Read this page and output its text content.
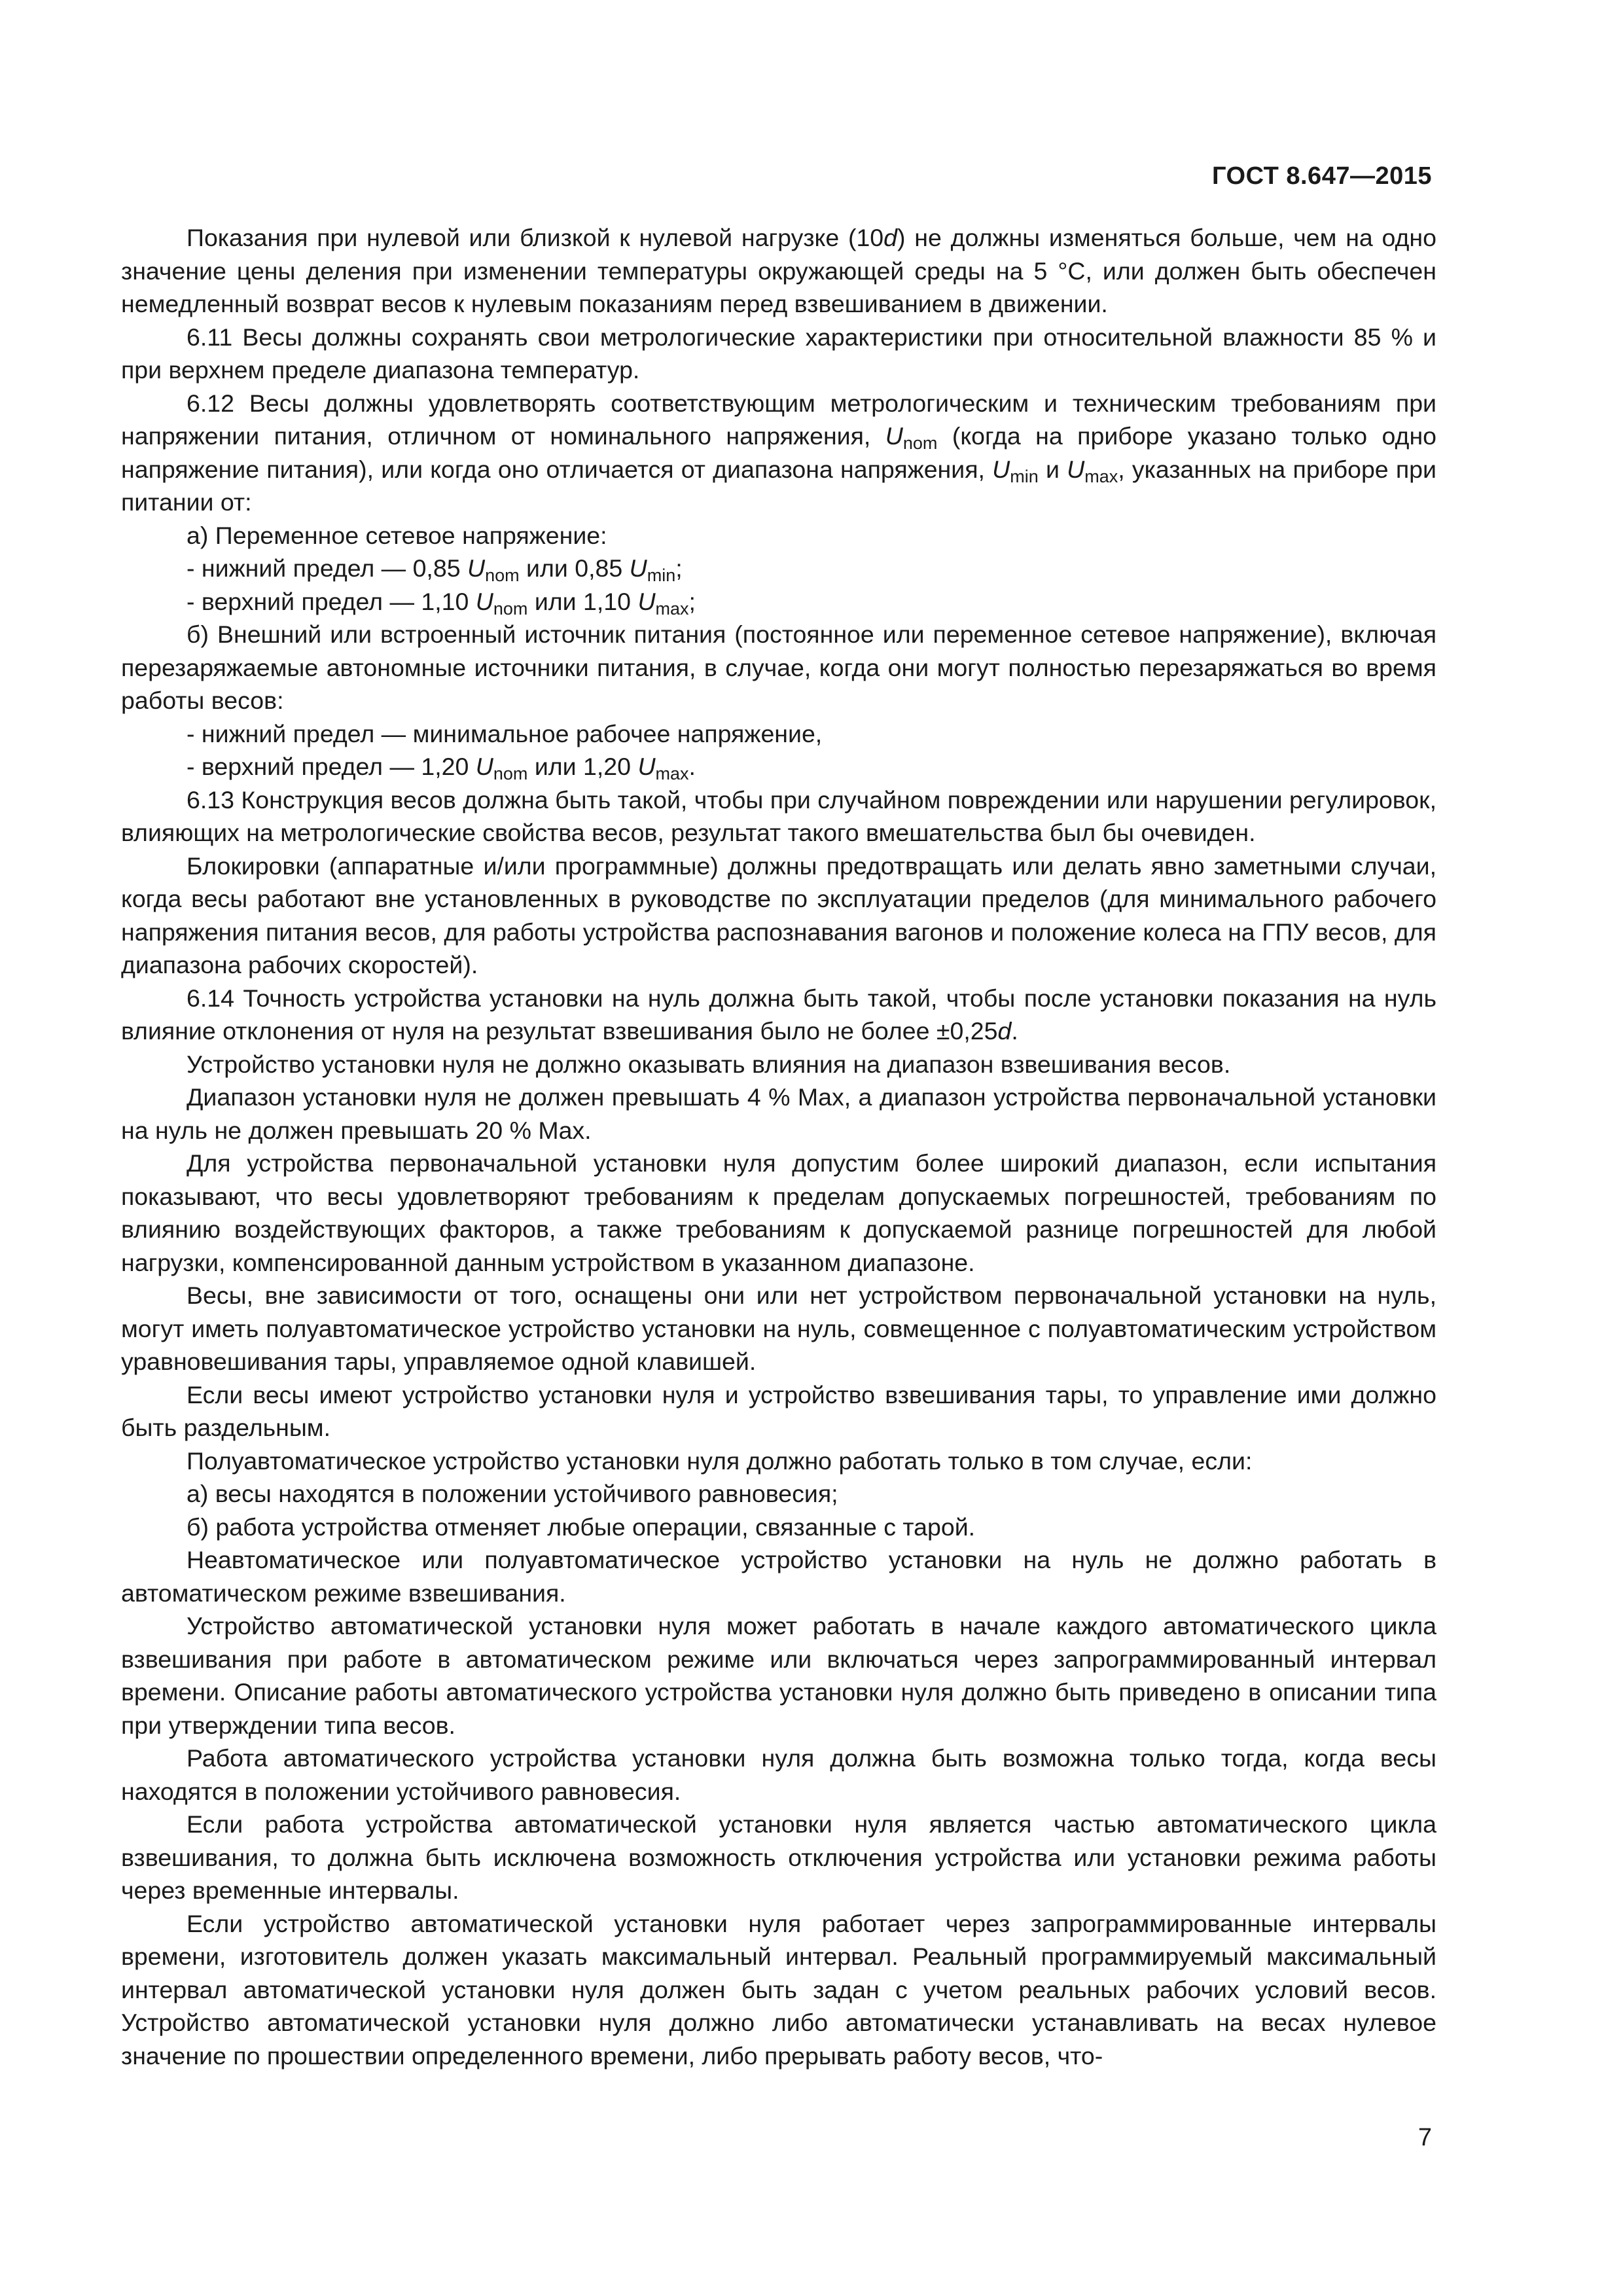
ГОСТ 8.647—2015

Показания при нулевой или близкой к нулевой нагрузке (10d) не должны изменяться больше, чем на одно значение цены деления при изменении температуры окружающей среды на 5 °С, или должен быть обеспечен немедленный возврат весов к нулевым показаниям перед взвешиванием в движении.

6.11 Весы должны сохранять свои метрологические характеристики при относительной влажности 85 % и при верхнем пределе диапазона температур.

6.12 Весы должны удовлетворять соответствующим метрологическим и техническим требованиям при напряжении питания, отличном от номинального напряжения, $U_{nom}$ (когда на приборе указано только одно напряжение питания), или когда оно отличается от диапазона напряжения, $U_{min}$ и $U_{max}$, указанных на приборе при питании от:

а) Переменное сетевое напряжение:

- нижний предел — 0,85 $U_{nom}$ или 0,85 $U_{min}$;

- верхний предел — 1,10 $U_{nom}$ или 1,10 $U_{max}$;

б) Внешний или встроенный источник питания (постоянное или переменное сетевое напряжение), включая перезаряжаемые автономные источники питания, в случае, когда они могут полностью перезаряжаться во время работы весов:

- нижний предел — минимальное рабочее напряжение,

- верхний предел — 1,20 $U_{nom}$ или 1,20 $U_{max}$.

6.13 Конструкция весов должна быть такой, чтобы при случайном повреждении или нарушении регулировок, влияющих на метрологические свойства весов, результат такого вмешательства был бы очевиден.

Блокировки (аппаратные и/или программные) должны предотвращать или делать явно заметными случаи, когда весы работают вне установленных в руководстве по эксплуатации пределов (для минимального рабочего напряжения питания весов, для работы устройства распознавания вагонов и положение колеса на ГПУ весов, для диапазона рабочих скоростей).

6.14 Точность устройства установки на нуль должна быть такой, чтобы после установки показания на нуль влияние отклонения от нуля на результат взвешивания было не более ±0,25d.

Устройство установки нуля не должно оказывать влияния на диапазон взвешивания весов.

Диапазон установки нуля не должен превышать 4 % Max, а диапазон устройства первоначальной установки на нуль не должен превышать 20 % Max.

Для устройства первоначальной установки нуля допустим более широкий диапазон, если испытания показывают, что весы удовлетворяют требованиям к пределам допускаемых погрешностей, требованиям по влиянию воздействующих факторов, а также требованиям к допускаемой разнице погрешностей для любой нагрузки, компенсированной данным устройством в указанном диапазоне.

Весы, вне зависимости от того, оснащены они или нет устройством первоначальной установки на нуль, могут иметь полуавтоматическое устройство установки на нуль, совмещенное с полуавтоматическим устройством уравновешивания тары, управляемое одной клавишей.

Если весы имеют устройство установки нуля и устройство взвешивания тары, то управление ими должно быть раздельным.

Полуавтоматическое устройство установки нуля должно работать только в том случае, если:

а) весы находятся в положении устойчивого равновесия;

б) работа устройства отменяет любые операции, связанные с тарой.

Неавтоматическое или полуавтоматическое устройство установки на нуль не должно работать в автоматическом режиме взвешивания.

Устройство автоматической установки нуля может работать в начале каждого автоматического цикла взвешивания при работе в автоматическом режиме или включаться через запрограммированный интервал времени. Описание работы автоматического устройства установки нуля должно быть приведено в описании типа при утверждении типа весов.

Работа автоматического устройства установки нуля должна быть возможна только тогда, когда весы находятся в положении устойчивого равновесия.

Если работа устройства автоматической установки нуля является частью автоматического цикла взвешивания, то должна быть исключена возможность отключения устройства или установки режима работы через временные интервалы.

Если устройство автоматической установки нуля работает через запрограммированные интервалы времени, изготовитель должен указать максимальный интервал. Реальный программируемый максимальный интервал автоматической установки нуля должен быть задан с учетом реальных рабочих условий весов. Устройство автоматической установки нуля должно либо автоматически устанавливать на весах нулевое значение по прошествии определенного времени, либо прерывать работу весов, что-

7
